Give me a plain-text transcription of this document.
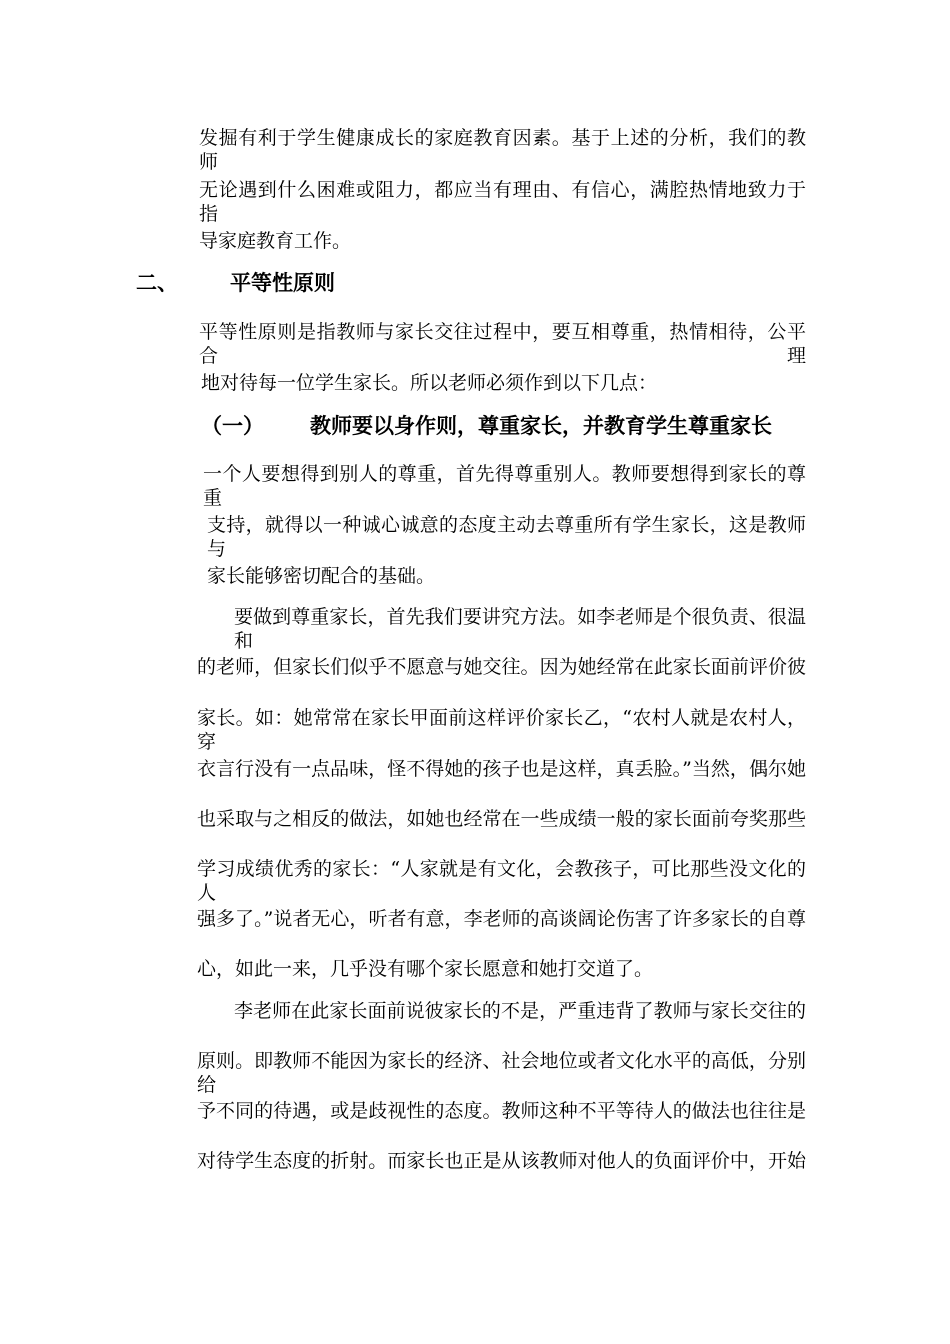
发掘有利于学生健康成长的家庭教育因素。基于上述的分析，我们的教师
无论遇到什么困难或阻力，都应当有理由、有信心，满腔热情地致力于指
导家庭教育工作。
二、 平等性原则
平等性原则是指教师与家长交往过程中，要互相尊重，热情相待，公平合理
地对待每一位学生家长。所以老师必须作到以下几点：
（一） 教师要以身作则，尊重家长，并教育学生尊重家长
一个人要想得到别人的尊重，首先得尊重别人。教师要想得到家长的尊重
支持，就得以一种诚心诚意的态度主动去尊重所有学生家长，这是教师与
家长能够密切配合的基础。
要做到尊重家长，首先我们要讲究方法。如李老师是个很负责、很温和
的老师，但家长们似乎不愿意与她交往。因为她经常在此家长面前评价彼
家长。如：她常常在家长甲面前这样评价家长乙，“农村人就是农村人，穿
衣言行没有一点品味，怪不得她的孩子也是这样，真丢脸。”当然，偶尔她
也采取与之相反的做法，如她也经常在一些成绩一般的家长面前夸奖那些
学习成绩优秀的家长：“人家就是有文化，会教孩子，可比那些没文化的人
强多了。”说者无心，听者有意，李老师的高谈阔论伤害了许多家长的自尊
心，如此一来，几乎没有哪个家长愿意和她打交道了。
李老师在此家长面前说彼家长的不是，严重违背了教师与家长交往的
原则。即教师不能因为家长的经济、社会地位或者文化水平的高低，分别给
予不同的待遇，或是歧视性的态度。教师这种不平等待人的做法也往往是
对待学生态度的折射。而家长也正是从该教师对他人的负面评价中，开始
